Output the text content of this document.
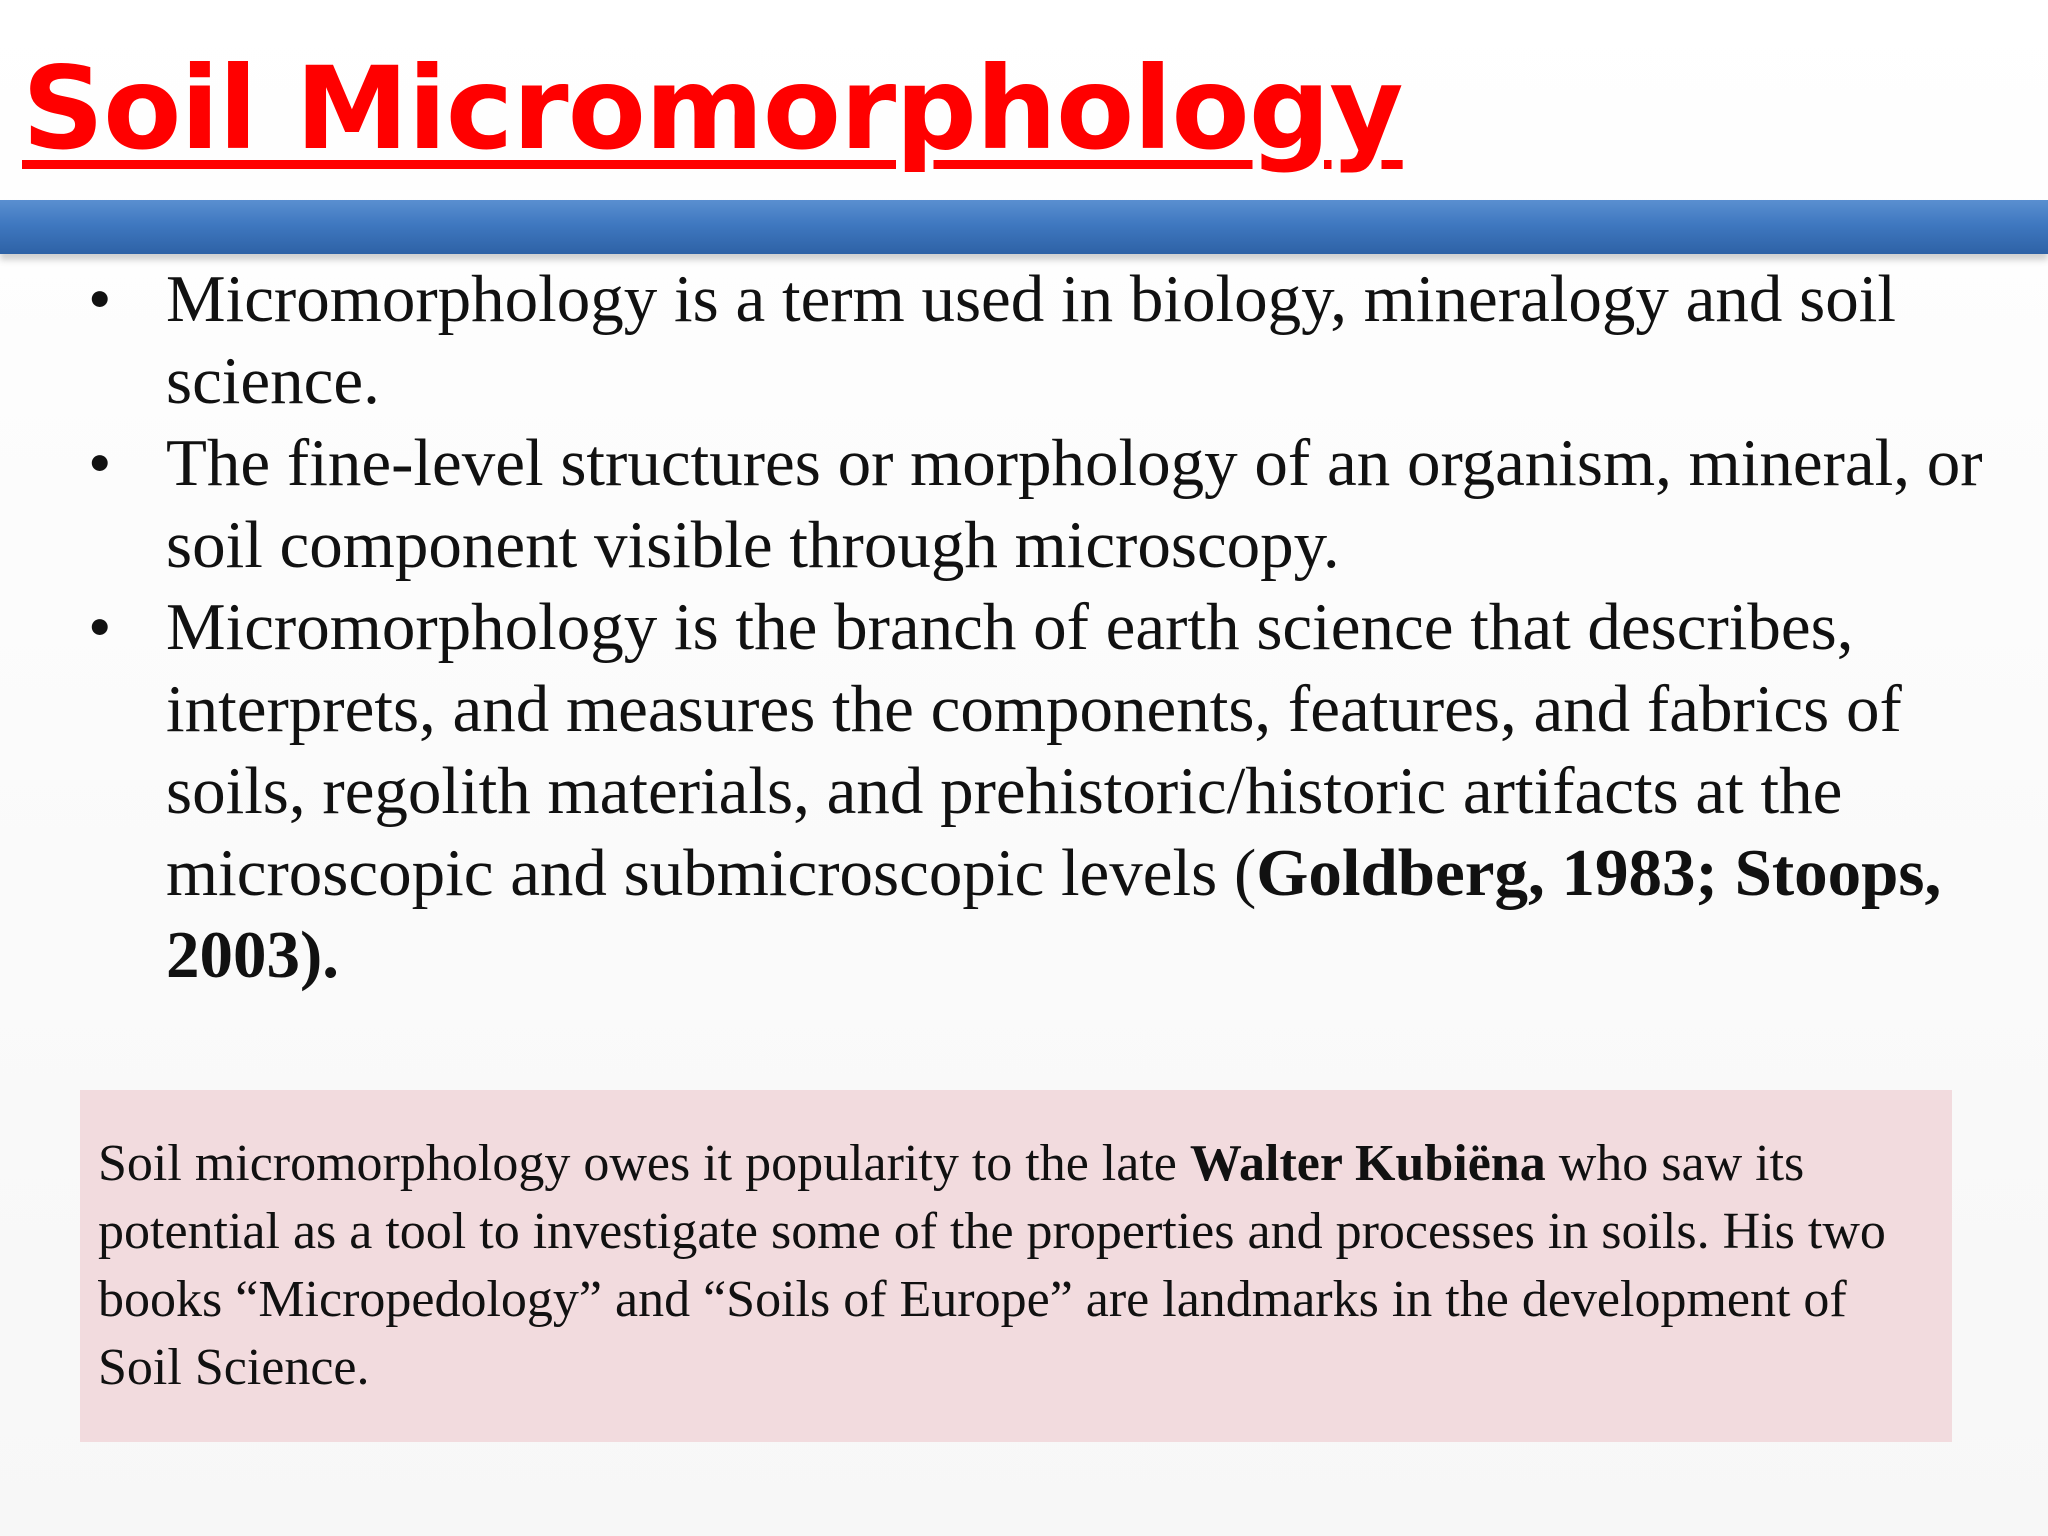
Soil Micromorphology
• Micromorphology is a term used in biology, mineralogy and soil science.
• The fine-level structures or morphology of an organism, mineral, or soil component visible through microscopy.
• Micromorphology is the branch of earth science that describes, interprets, and measures the components, features, and fabrics of soils, regolith materials, and prehistoric/historic artifacts at the microscopic and submicroscopic levels (Goldberg, 1983; Stoops, 2003).
Soil micromorphology owes it popularity to the late Walter Kubiëna who saw its potential as a tool to investigate some of the properties and processes in soils. His two books “Micropedology” and “Soils of Europe” are landmarks in the development of Soil Science.
